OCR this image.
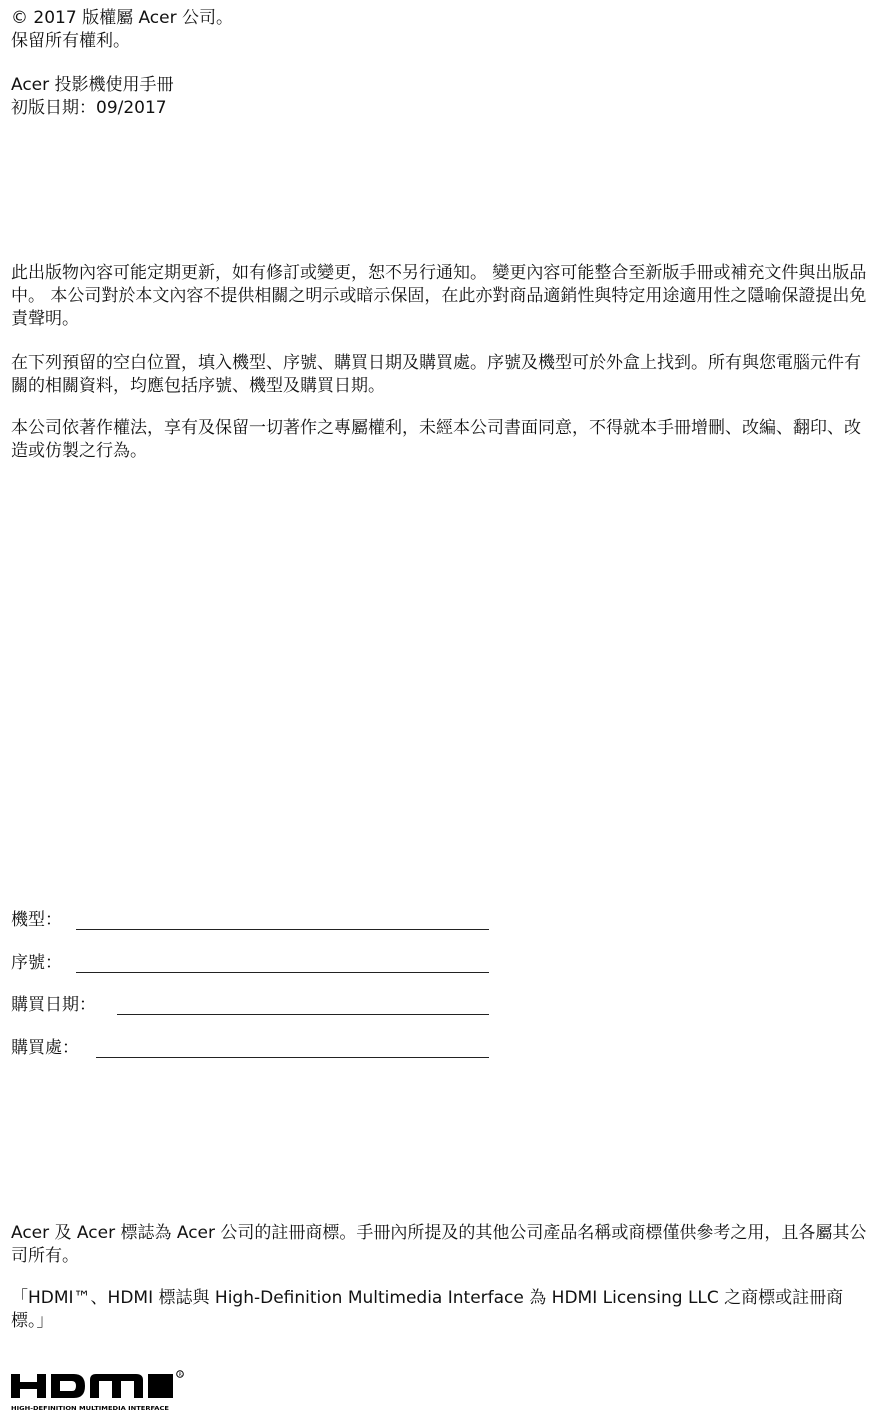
© 2017 版權屬 Acer 公司。
保留所有權利。
Acer 投影機使用手冊
初版日期：09/2017
此出版物內容可能定期更新，如有修訂或變更，恕不另行通知。 變更內容可能整合至新版手冊或補充文件與出版品中。 本公司對於本文內容不提供相關之明示或暗示保固，在此亦對商品適銷性與特定用途適用性之隱喻保證提出免責聲明。
在下列預留的空白位置，填入機型、序號、購買日期及購買處。序號及機型可於外盒上找到。所有與您電腦元件有關的相關資料，均應包括序號、機型及購買日期。
本公司依著作權法，享有及保留一切著作之專屬權利，未經本公司書面同意，不得就本手冊增刪、改編、翻印、改造或仿製之行為。
機型：
序號：
購買日期：
購買處：
Acer 及 Acer 標誌為 Acer 公司的註冊商標。手冊內所提及的其他公司產品名稱或商標僅供參考之用，且各屬其公司所有。
「HDMI™、HDMI 標誌與 High-Definition Multimedia Interface 為 HDMI Licensing LLC 之商標或註冊商標。」
R
HIGH-DEFINITION MULTIMEDIA INTERFACE
